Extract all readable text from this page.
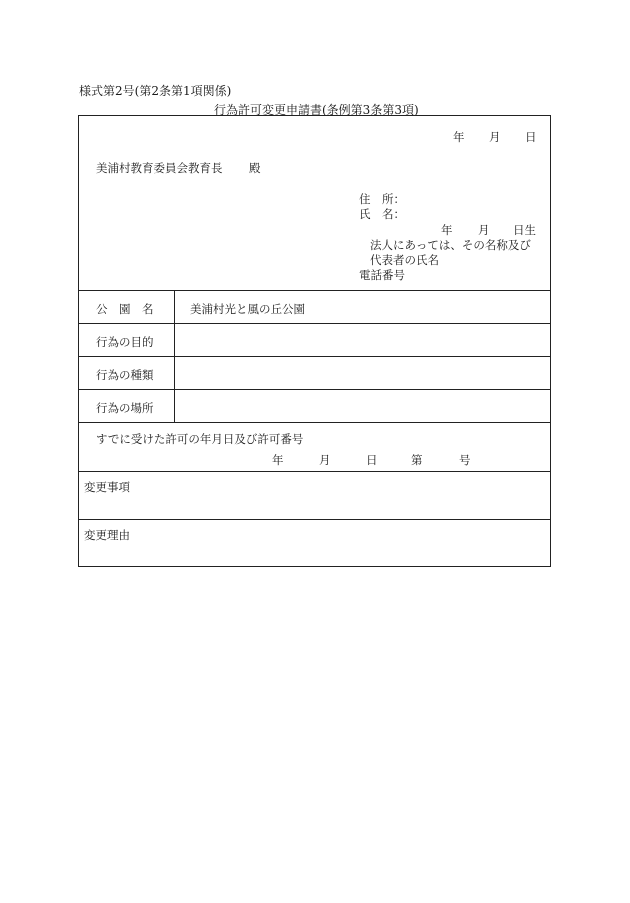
様式第2号(第2条第1項関係)
行為許可変更申請書(条例第3条第3項)
年 月 日
美浦村教育委員会教育長 殿
住　所：
氏　名：
年 月 日生
法人にあっては、その名称及び
代表者の氏名
電話番号
公　園　名	美浦村光と風の丘公園
行為の目的
行為の種類
行為の場所
すでに受けた許可の年月日及び許可番号
年	月	日	第	号
変更事項
変更理由
